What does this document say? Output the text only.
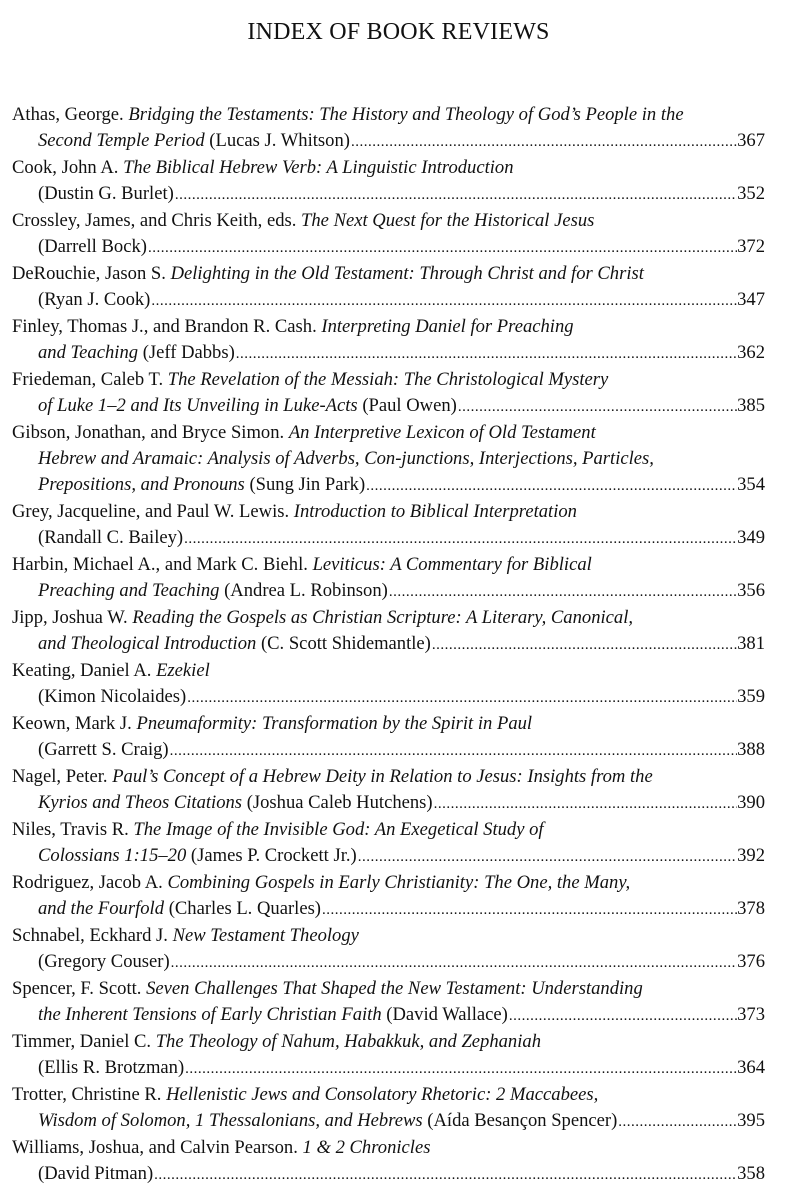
INDEX OF BOOK REVIEWS
Athas, George. Bridging the Testaments: The History and Theology of God’s People in the
Second Temple Period (Lucas J. Whitson) .....	367
Cook, John A. The Biblical Hebrew Verb: A Linguistic Introduction
(Dustin G. Burlet) .....	352
Crossley, James, and Chris Keith, eds. The Next Quest for the Historical Jesus
(Darrell Bock) .....	372
DeRouchie, Jason S. Delighting in the Old Testament: Through Christ and for Christ
(Ryan J. Cook) .....	347
Finley, Thomas J., and Brandon R. Cash. Interpreting Daniel for Preaching
and Teaching (Jeff Dabbs) .....	362
Friedeman, Caleb T. The Revelation of the Messiah: The Christological Mystery
of Luke 1–2 and Its Unveiling in Luke-Acts (Paul Owen) .....	385
Gibson, Jonathan, and Bryce Simon. An Interpretive Lexicon of Old Testament
Hebrew and Aramaic: Analysis of Adverbs, Con-junctions, Interjections, Particles,
Prepositions, and Pronouns (Sung Jin Park) .....	354
Grey, Jacqueline, and Paul W. Lewis. Introduction to Biblical Interpretation
(Randall C. Bailey) .....	349
Harbin, Michael A., and Mark C. Biehl. Leviticus: A Commentary for Biblical
Preaching and Teaching (Andrea L. Robinson) .....	356
Jipp, Joshua W. Reading the Gospels as Christian Scripture: A Literary, Canonical,
and Theological Introduction (C. Scott Shidemantle) .....	381
Keating, Daniel A. Ezekiel
(Kimon Nicolaides) .....	359
Keown, Mark J. Pneumaformity: Transformation by the Spirit in Paul
(Garrett S. Craig) .....	388
Nagel, Peter. Paul’s Concept of a Hebrew Deity in Relation to Jesus: Insights from the
Kyrios and Theos Citations (Joshua Caleb Hutchens) .....	390
Niles, Travis R. The Image of the Invisible God: An Exegetical Study of
Colossians 1:15–20 (James P. Crockett Jr.) .....	392
Rodriguez, Jacob A. Combining Gospels in Early Christianity: The One, the Many,
and the Fourfold (Charles L. Quarles) .....	378
Schnabel, Eckhard J. New Testament Theology
(Gregory Couser) .....	376
Spencer, F. Scott. Seven Challenges That Shaped the New Testament: Understanding
the Inherent Tensions of Early Christian Faith (David Wallace) .....	373
Timmer, Daniel C. The Theology of Nahum, Habakkuk, and Zephaniah
(Ellis R. Brotzman) .....	364
Trotter, Christine R. Hellenistic Jews and Consolatory Rhetoric: 2 Maccabees,
Wisdom of Solomon, 1 Thessalonians, and Hebrews (Aída Besançon Spencer) .....	395
Williams, Joshua, and Calvin Pearson. 1 & 2 Chronicles
(David Pitman) .....	358
